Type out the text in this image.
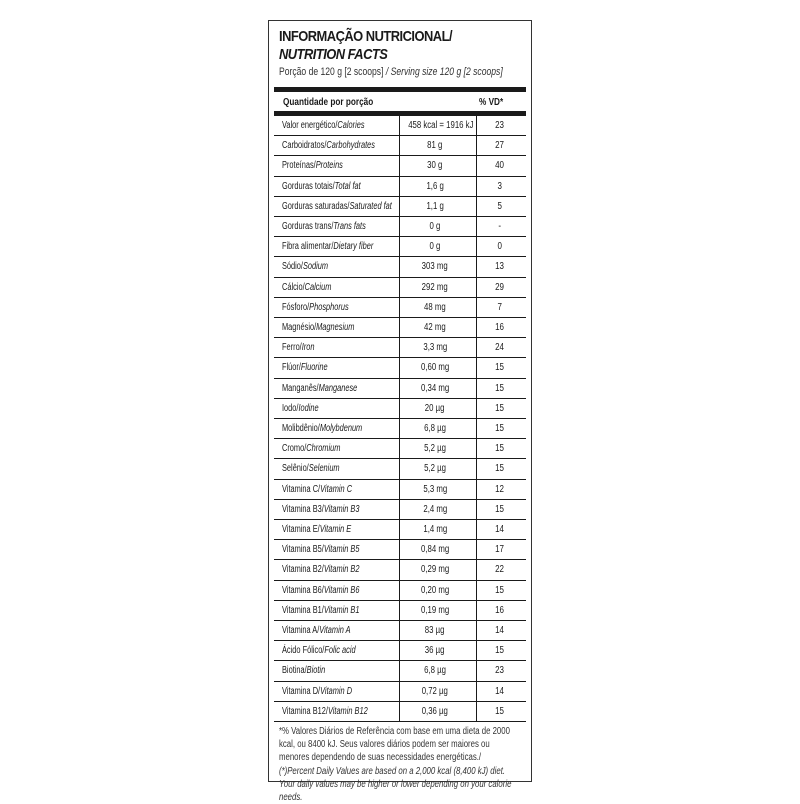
INFORMAÇÃO NUTRICIONAL/
NUTRITION FACTS
Porção de 120 g [2 scoops] / Serving size 120 g [2 scoops]
Quantidade por porção	% VD*
Valor energético/Calories	458 kcal = 1916 kJ	23
Carboidratos/Carbohydrates	81 g	27
Proteínas/Proteins	30 g	40
Gorduras totais/Total fat	1,6 g	3
Gorduras saturadas/Saturated fat	1,1 g	5
Gorduras trans/Trans fats	0 g	-
Fibra alimentar/Dietary fiber	0 g	0
Sódio/Sodium	303 mg	13
Cálcio/Calcium	292 mg	29
Fósforo/Phosphorus	48 mg	7
Magnésio/Magnesium	42 mg	16
Ferro/Iron	3,3 mg	24
Flúor/Fluorine	0,60 mg	15
Manganês/Manganese	0,34 mg	15
Iodo/Iodine	20 µg	15
Molibdênio/Molybdenum	6,8 µg	15
Cromo/Chromium	5,2 µg	15
Selênio/Selenium	5,2 µg	15
Vitamina C/Vitamin C	5,3 mg	12
Vitamina B3/Vitamin B3	2,4 mg	15
Vitamina E/Vitamin E	1,4 mg	14
Vitamina B5/Vitamin B5	0,84 mg	17
Vitamina B2/Vitamin B2	0,29 mg	22
Vitamina B6/Vitamin B6	0,20 mg	15
Vitamina B1/Vitamin B1	0,19 mg	16
Vitamina A/Vitamin A	83 µg	14
Ácido Fólico/Folic acid	36 µg	15
Biotina/Biotin	6,8 µg	23
Vitamina D/Vitamin D	0,72 µg	14
Vitamina B12/Vitamin B12	0,36 µg	15
*% Valores Diários de Referência com base em uma dieta de 2000 kcal, ou 8400 kJ. Seus valores diários podem ser maiores ou menores dependendo de suas necessidades energéticas./ (*)Percent Daily Values are based on a 2,000 kcal (8,400 kJ) diet. Your daily values may be higher or lower depending on your calorie needs.
